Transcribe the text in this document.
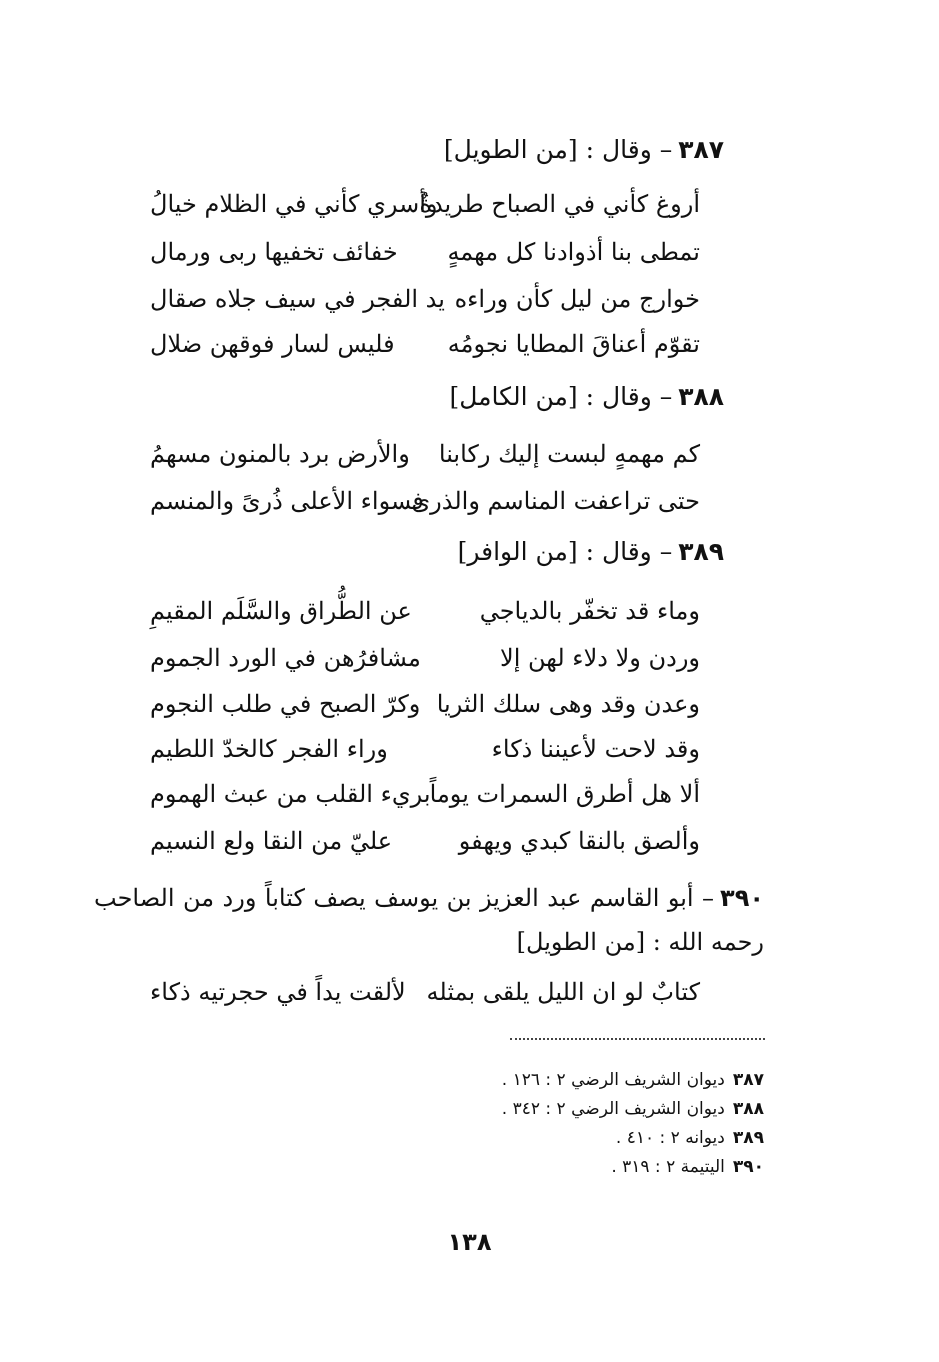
٣٨٧– وقال : [من الطويل]
أروغ كأني في الصباح طريدةٌ
وأسري كأني في الظلام خيالُ
تمطى بنا أذوادنا كل مهمهٍ
خفائف تخفيها ربى ورمال
خوارج من ليل كأن وراءه
يد الفجر في سيف جلاه صقال
تقوّم أعناقَ المطايا نجومُه
فليس لسار فوقهن ضلال
٣٨٨– وقال : [من الكامل]
كم مهمهٍ لبست إليك ركابنا
والأرض برد بالمنون مسهمُ
حتى تراعفت المناسم والذرى
فسواء الأعلى ذُرىً والمنسم
٣٨٩– وقال : [من الوافر]
وماء قد تخفّر بالدياجي
عن الطُّراق والسَّلَم المقيمِ
وردن ولا دلاء لهن إلا
مشافرُهن في الورد الجموم
وعدن وقد وهى سلك الثريا
وكرّ الصبح في طلب النجوم
وقد لاحت لأعيننا ذكاء
وراء الفجر كالخدّ اللطيم
ألا هل أطرق السمرات يوماً
بريء القلب من عبث الهموم
وألصق بالنقا كبدي ويهفو
عليّ من النقا ولع النسيم
٣٩٠– أبو القاسم عبد العزيز بن يوسف يصف كتاباً ورد من الصاحب رحمه الله : [من الطويل]
كتابٌ لو ان الليل يلقى بمثله
لألقت يداً في حجرتيه ذكاء
٣٨٧ديوان الشريف الرضي ٢ : ١٢٦ .
٣٨٨ديوان الشريف الرضي ٢ : ٣٤٢ .
٣٨٩ديوانه ٢ : ٤١٠ .
٣٩٠اليتيمة ٢ : ٣١٩ .
١٣٨
